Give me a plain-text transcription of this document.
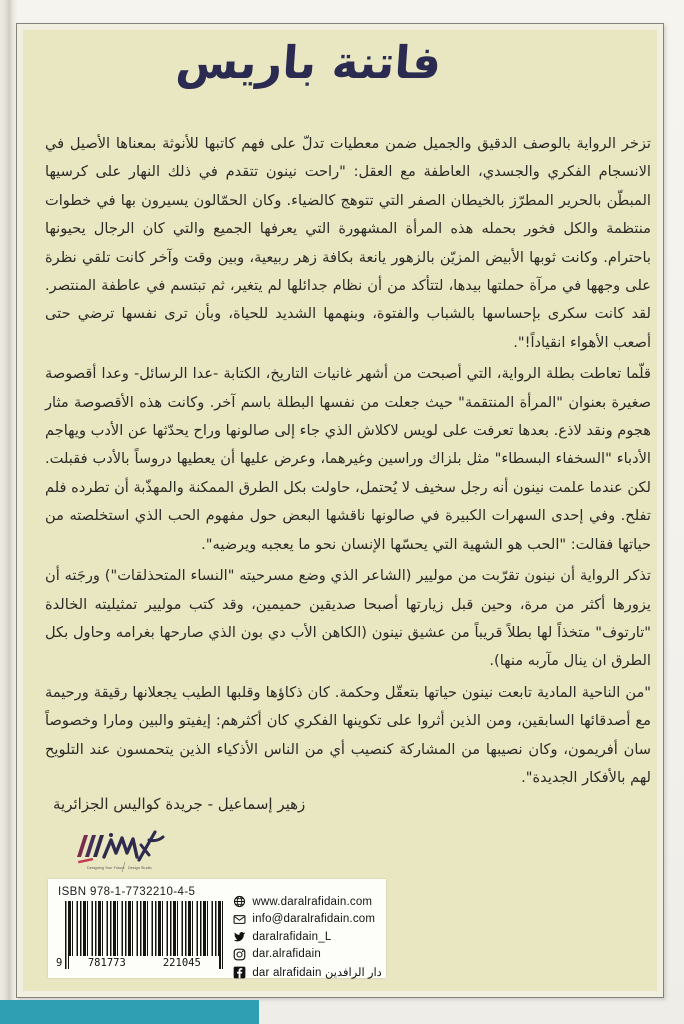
فاتنة باريس

تزخر الرواية بالوصف الدقيق والجميل ضمن معطيات تدلّ على فهم كاتبها للأنوثة بمعناها الأصيل في الانسجام الفكري والجسدي، العاطفة مع العقل: "راحت نينون تتقدم في ذلك النهار على كرسيها المبطّن بالحرير المطرّز بالخيطان الصفر التي تتوهج كالضياء. وكان الحمّالون يسيرون بها في خطوات منتظمة والكل فخور بحمله هذه المرأة المشهورة التي يعرفها الجميع والتي كان الرجال يحيونها باحترام. وكانت ثوبها الأبيض المزيّن بالزهور يانعة بكافة زهر ربيعية، وبين وقت وآخر كانت تلقي نظرة على وجهها في مرآة حملتها بيدها، لتتأكد من أن نظام جدائلها لم يتغير، ثم تبتسم في عاطفة المنتصر. لقد كانت سكرى بإحساسها بالشباب والفتوة، وبنهمها الشديد للحياة، وبأن ترى نفسها ترضي حتى أصعب الأهواء انقياداً!".

قلّما تعاطت بطلة الرواية، التي أصبحت من أشهر غانيات التاريخ، الكتابة -عدا الرسائل- وعدا أقصوصة صغيرة بعنوان "المرأة المنتقمة" حيث جعلت من نفسها البطلة باسم آخر. وكانت هذه الأقصوصة مثار هجوم ونقد لاذع. بعدها تعرفت على لويس لاكلاش الذي جاء إلى صالونها وراح يحدّثها عن الأدب ويهاجم الأدباء "السخفاء البسطاء" مثل بلزاك وراسين وغيرهما، وعرض عليها أن يعطيها دروساً بالأدب فقبلت. لكن عندما علمت نينون أنه رجل سخيف لا يُحتمل، حاولت بكل الطرق الممكنة والمهذّبة أن تطرده فلم تفلح. وفي إحدى السهرات الكبيرة في صالونها ناقشها البعض حول مفهوم الحب الذي استخلصته من حياتها فقالت: "الحب هو الشهية التي يحسّها الإنسان نحو ما يعجبه ويرضيه".

تذكر الرواية أن نينون تقرّبت من موليير (الشاعر الذي وضع مسرحيته "النساء المتحذلقات") ورجَته أن يزورها أكثر من مرة، وحين قبل زيارتها أصبحا صديقين حميمين، وقد كتب موليير تمثيليته الخالدة "تارتوف" متخذاً لها بطلاً قريباً من عشيق نينون (الكاهن الأب دي بون الذي صارحها بغرامه وحاول بكل الطرق ان ينال مآربه منها).

"من الناحية المادية تابعت نينون حياتها بتعقّل وحكمة. كان ذكاؤها وقلبها الطيب يجعلانها رقيقة ورحيمة مع أصدقائها السابقين، ومن الذين أثروا على تكوينها الفكري كان أكثرهم: إيفيتو والبين ومارا وخصوصاً سان أفريمون، وكان نصيبها من المشاركة كنصيب أي من الناس الأذكياء الذين يتحمسون عند التلويح لهم بالأفكار الجديدة".

زهير إسماعيل - جريدة كواليس الجزائرية
Designing Your Future Design Studio
ISBN 978-1-7732210-4-5
9 781773	221045
www.daralrafidain.com
info@daralrafidain.com
daralrafidain_L
dar.alrafidain
dar alrafidain دار الرافدين
